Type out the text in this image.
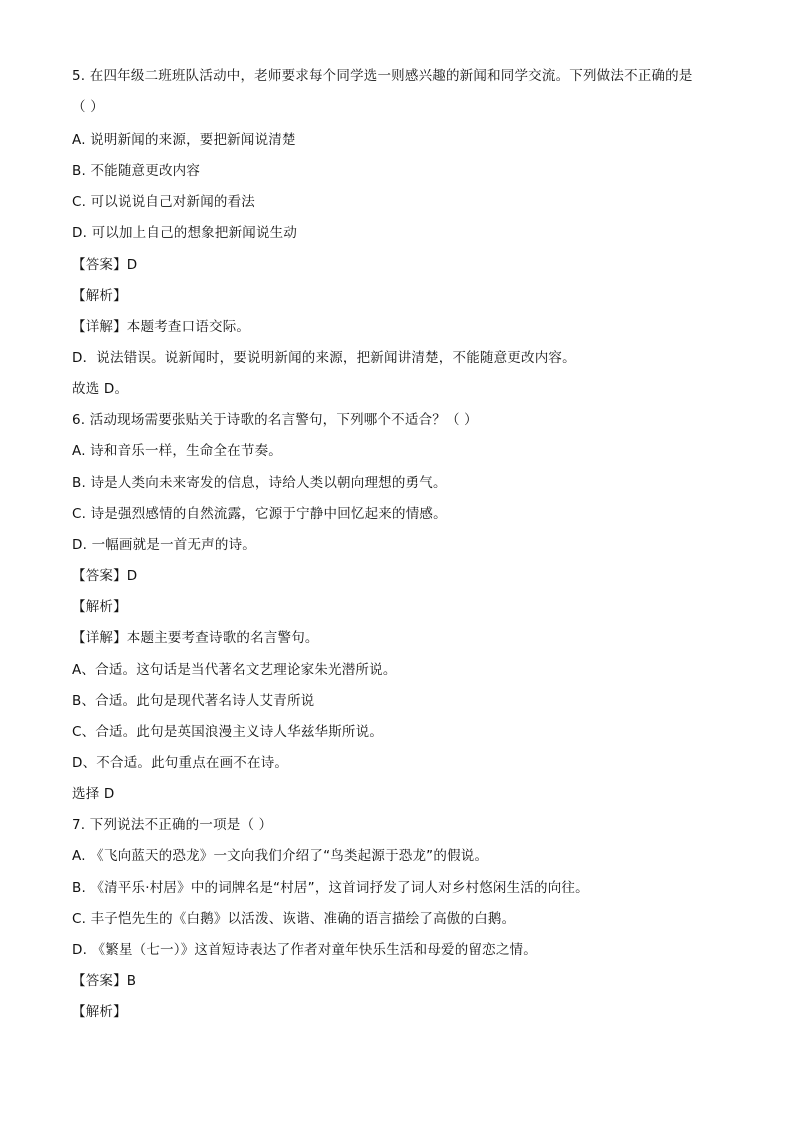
5. 在四年级二班班队活动中，老师要求每个同学选一则感兴趣的新闻和同学交流。下列做法不正确的是
（ ）
A. 说明新闻的来源，要把新闻说清楚
B. 不能随意更改内容
C. 可以说说自己对新闻的看法
D. 可以加上自己的想象把新闻说生动
【答案】D
【解析】
【详解】本题考查口语交际。
D．说法错误。说新闻时，要说明新闻的来源，把新闻讲清楚，不能随意更改内容。
故选 D。
6. 活动现场需要张贴关于诗歌的名言警句，下列哪个不适合？（ ）
A. 诗和音乐一样，生命全在节奏。
B. 诗是人类向未来寄发的信息，诗给人类以朝向理想的勇气。
C. 诗是强烈感情的自然流露，它源于宁静中回忆起来的情感。
D. 一幅画就是一首无声的诗。
【答案】D
【解析】
【详解】本题主要考查诗歌的名言警句。
A、合适。这句话是当代著名文艺理论家朱光潜所说。
B、合适。此句是现代著名诗人艾青所说
C、合适。此句是英国浪漫主义诗人华兹华斯所说。
D、不合适。此句重点在画不在诗。
选择 D
7. 下列说法不正确的一项是（ ）
A. 《飞向蓝天的恐龙》一文向我们介绍了“鸟类起源于恐龙”的假说。
B. 《清平乐·村居》中的词牌名是“村居”，这首词抒发了词人对乡村悠闲生活的向往。
C. 丰子恺先生的《白鹅》以活泼、诙谐、准确的语言描绘了高傲的白鹅。
D. 《繁星（七一）》这首短诗表达了作者对童年快乐生活和母爱的留恋之情。
【答案】B
【解析】
